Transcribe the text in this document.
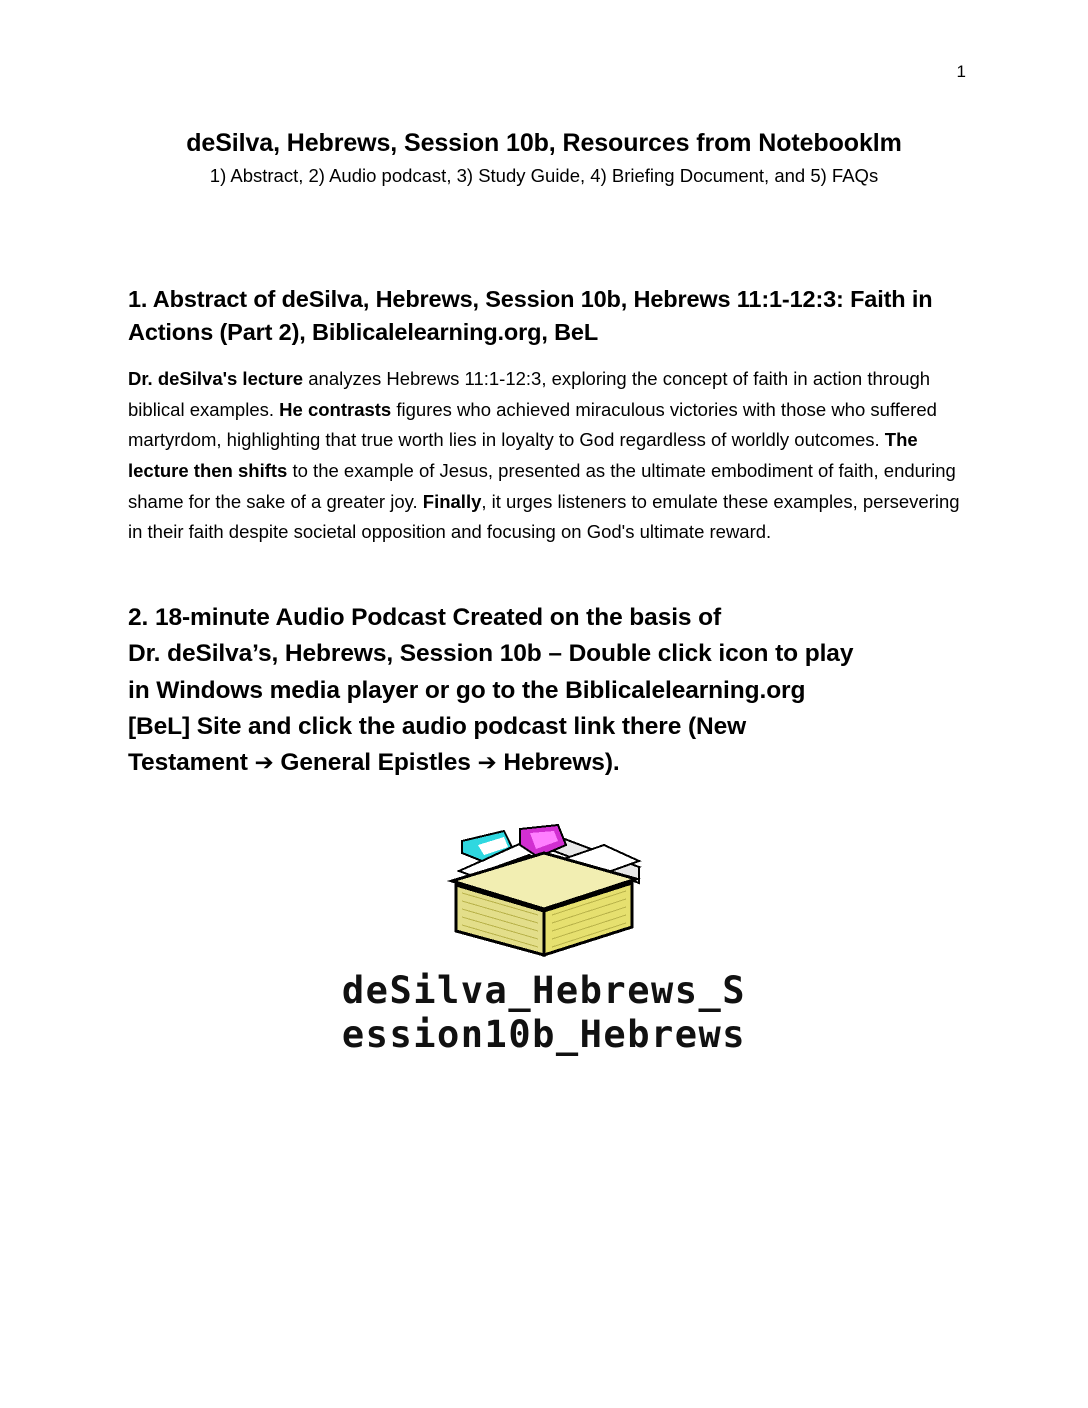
1
deSilva, Hebrews, Session 10b, Resources from Notebooklm
1) Abstract, 2) Audio podcast, 3) Study Guide, 4) Briefing Document, and 5) FAQs
1. Abstract of deSilva, Hebrews, Session 10b, Hebrews 11:1-12:3: Faith in Actions (Part 2), Biblicalelearning.org, BeL

Dr. deSilva's lecture analyzes Hebrews 11:1-12:3, exploring the concept of faith in action through biblical examples. He contrasts figures who achieved miraculous victories with those who suffered martyrdom, highlighting that true worth lies in loyalty to God regardless of worldly outcomes. The lecture then shifts to the example of Jesus, presented as the ultimate embodiment of faith, enduring shame for the sake of a greater joy. Finally, it urges listeners to emulate these examples, persevering in their faith despite societal opposition and focusing on God's ultimate reward.

2. 18-minute Audio Podcast Created on the basis of
Dr. deSilva’s, Hebrews, Session 10b – Double click icon to play
in Windows media player or go to the Biblicalelearning.org
[BeL] Site and click the audio podcast link there (New
Testament ➔ General Epistles ➔ Hebrews).
deSilva_Hebrews_S
ession10b_Hebrews
